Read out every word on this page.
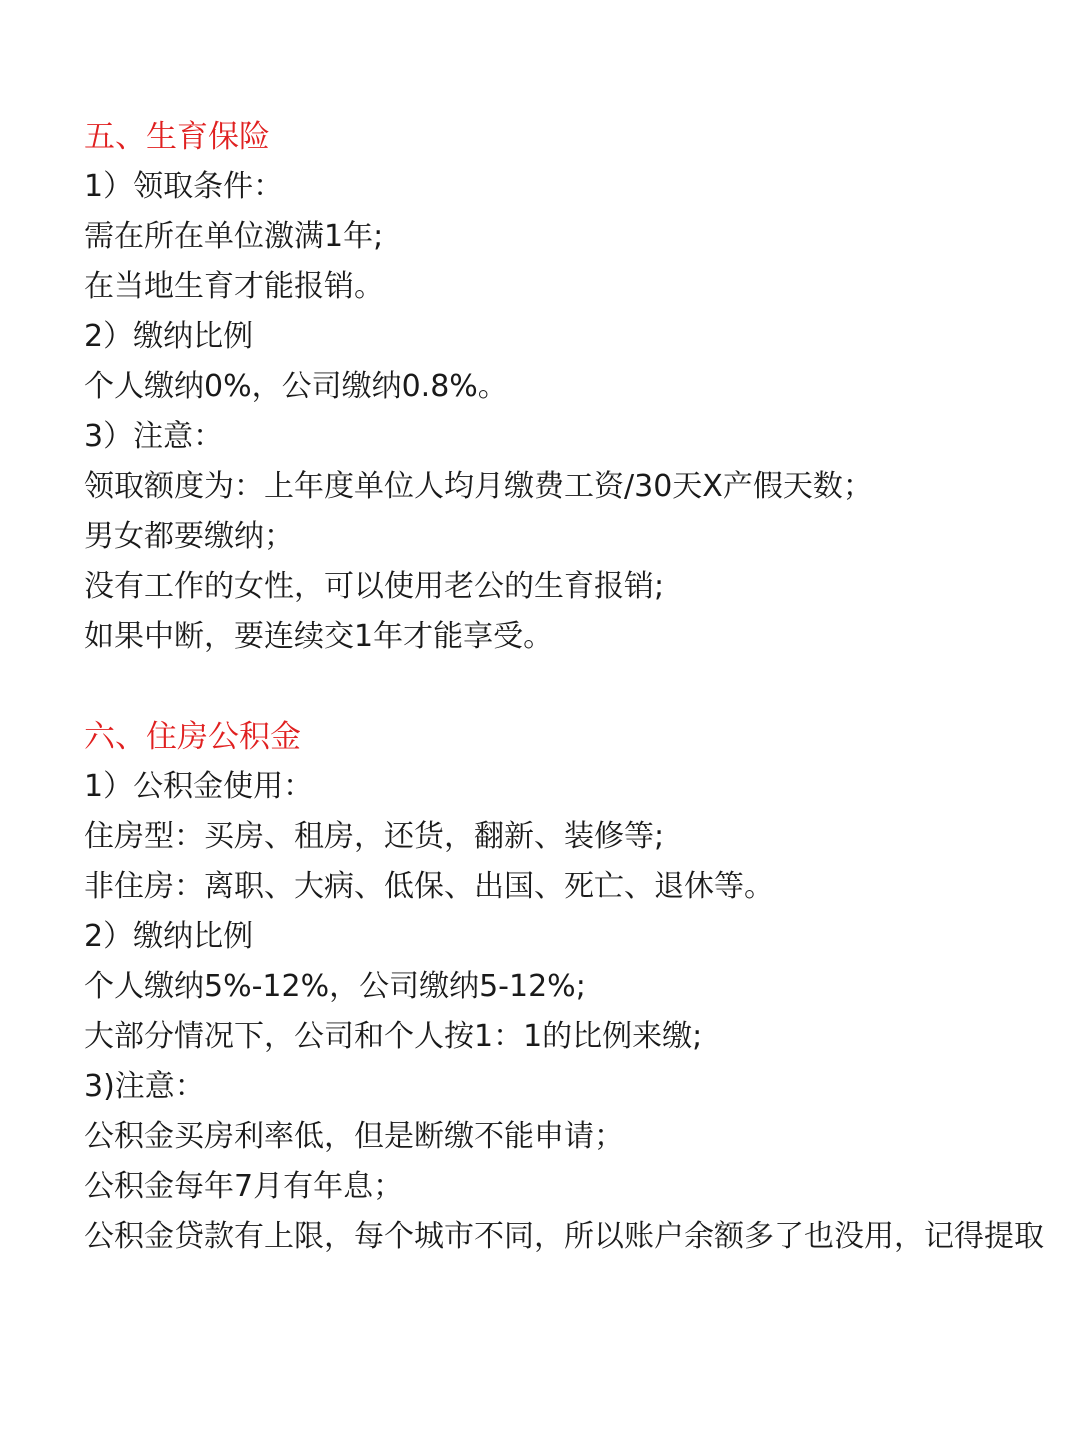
五、生育保险
1）领取条件：
需在所在单位激满1年;
在当地生育才能报销。
2）缴纳比例
个人缴纳0%，公司缴纳0.8%。
3）注意：
领取额度为：上年度单位人均月缴费工资/30天X产假天数；
男女都要缴纳；
没有工作的女性，可以使用老公的生育报销;
如果中断，要连续交1年才能享受。
六、住房公积金
1）公积金使用：
住房型：买房、租房，还货，翻新、装修等;
非住房：离职、大病、低保、出国、死亡、退休等。
2）缴纳比例
个人缴纳5%-12%，公司缴纳5-12%;
大部分情况下，公司和个人按1：1的比例来缴;
3)注意：
公积金买房利率低，但是断缴不能申请；
公积金每年7月有年息；
公积金贷款有上限，每个城市不同，所以账户余额多了也没用，记得提取
